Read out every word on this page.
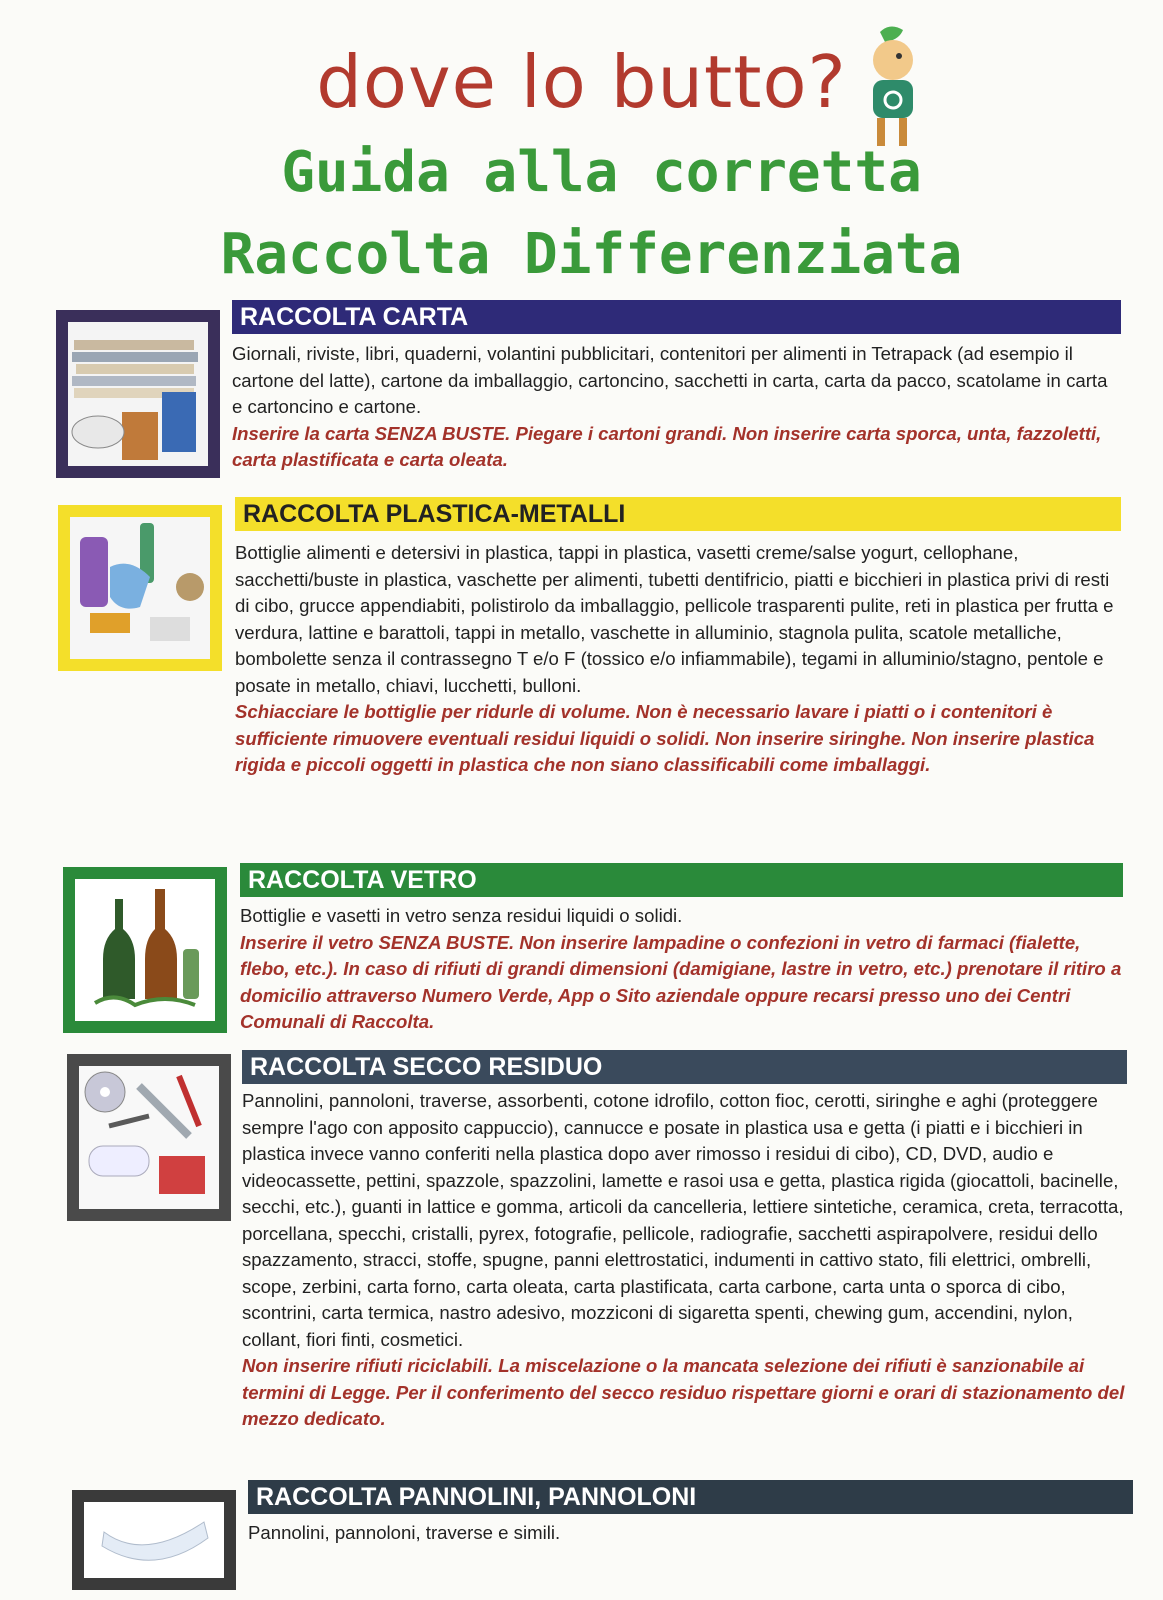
dove lo butto?
Guida alla corretta
Raccolta Differenziata
RACCOLTA CARTA
Giornali, riviste, libri, quaderni, volantini pubblicitari, contenitori per alimenti in Tetrapack (ad esempio il cartone del latte), cartone da imballaggio, cartoncino, sacchetti in carta, carta da pacco, scatolame in carta e cartoncino e cartone.
Inserire la carta SENZA BUSTE. Piegare i cartoni grandi. Non inserire carta sporca, unta, fazzoletti, carta plastificata e carta oleata.
RACCOLTA PLASTICA-METALLI
Bottiglie alimenti e detersivi in plastica, tappi in plastica, vasetti creme/salse yogurt, cellophane, sacchetti/buste in plastica, vaschette per alimenti, tubetti dentifricio, piatti e bicchieri in plastica privi di resti di cibo, grucce appendiabiti, polistirolo da imballaggio, pellicole trasparenti pulite, reti in plastica per frutta e verdura, lattine e barattoli, tappi in metallo, vaschette in alluminio, stagnola pulita, scatole metalliche, bombolette senza il contrassegno T e/o F (tossico e/o infiammabile), tegami in alluminio/stagno, pentole e posate in metallo, chiavi, lucchetti, bulloni.
Schiacciare le bottiglie per ridurle di volume. Non è necessario lavare i piatti o i contenitori è sufficiente rimuovere eventuali residui liquidi o solidi. Non inserire siringhe. Non inserire plastica rigida e piccoli oggetti in plastica che non siano classificabili come imballaggi.
RACCOLTA VETRO
Bottiglie e vasetti in vetro senza residui liquidi o solidi.
Inserire il vetro SENZA BUSTE. Non inserire lampadine o confezioni in vetro di farmaci (fialette, flebo, etc.). In caso di rifiuti di grandi dimensioni (damigiane, lastre in vetro, etc.) prenotare il ritiro a domicilio attraverso Numero Verde, App o Sito aziendale oppure recarsi presso uno dei Centri Comunali di Raccolta.
RACCOLTA SECCO RESIDUO
Pannolini, pannoloni, traverse, assorbenti, cotone idrofilo, cotton fioc, cerotti, siringhe e aghi (proteggere sempre l'ago con apposito cappuccio), cannucce e posate in plastica usa e getta (i piatti e i bicchieri in plastica invece vanno conferiti nella plastica dopo aver rimosso i residui di cibo), CD, DVD, audio e videocassette, pettini, spazzole, spazzolini, lamette e rasoi usa e getta, plastica rigida (giocattoli, bacinelle, secchi, etc.), guanti in lattice e gomma, articoli da cancelleria, lettiere sintetiche, ceramica, creta, terracotta, porcellana, specchi, cristalli, pyrex, fotografie, pellicole, radiografie, sacchetti aspirapolvere, residui dello spazzamento, stracci, stoffe, spugne, panni elettrostatici, indumenti in cattivo stato, fili elettrici, ombrelli, scope, zerbini, carta forno, carta oleata, carta plastificata, carta carbone, carta unta o sporca di cibo, scontrini, carta termica, nastro adesivo, mozziconi di sigaretta spenti, chewing gum, accendini, nylon, collant, fiori finti, cosmetici.
Non inserire rifiuti riciclabili. La miscelazione o la mancata selezione dei rifiuti è sanzionabile ai termini di Legge. Per il conferimento del secco residuo rispettare giorni e orari di stazionamento del mezzo dedicato.
RACCOLTA PANNOLINI, PANNOLONI
Pannolini, pannoloni, traverse e simili.
